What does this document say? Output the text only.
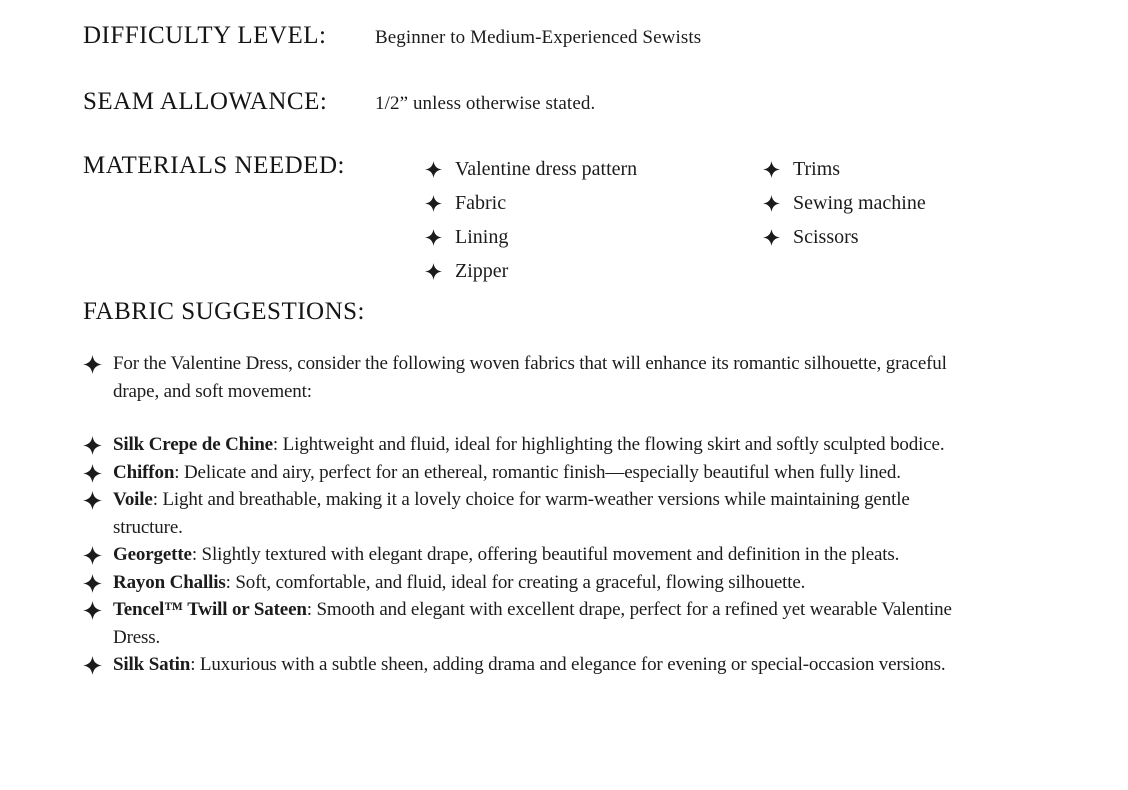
DIFFICULTY LEVEL:	Beginner to Medium-Experienced Sewists

SEAM ALLOWANCE:	1/2” unless otherwise stated.

MATERIALS NEEDED:	Valentine dress pattern
Fabric
Lining
Zipper
Trims
Sewing machine
Scissors
FABRIC SUGGESTIONS:
For the Valentine Dress, consider the following woven fabrics that will enhance its romantic silhouette, graceful drape, and soft movement:
Silk Crepe de Chine: Lightweight and fluid, ideal for highlighting the flowing skirt and softly sculpted bodice.
Chiffon: Delicate and airy, perfect for an ethereal, romantic finish—especially beautiful when fully lined.
Voile: Light and breathable, making it a lovely choice for warm-weather versions while maintaining gentle structure.
Georgette: Slightly textured with elegant drape, offering beautiful movement and definition in the pleats.
Rayon Challis: Soft, comfortable, and fluid, ideal for creating a graceful, flowing silhouette.
Tencel™ Twill or Sateen: Smooth and elegant with excellent drape, perfect for a refined yet wearable Valentine Dress.
Silk Satin: Luxurious with a subtle sheen, adding drama and elegance for evening or special-occasion versions.
